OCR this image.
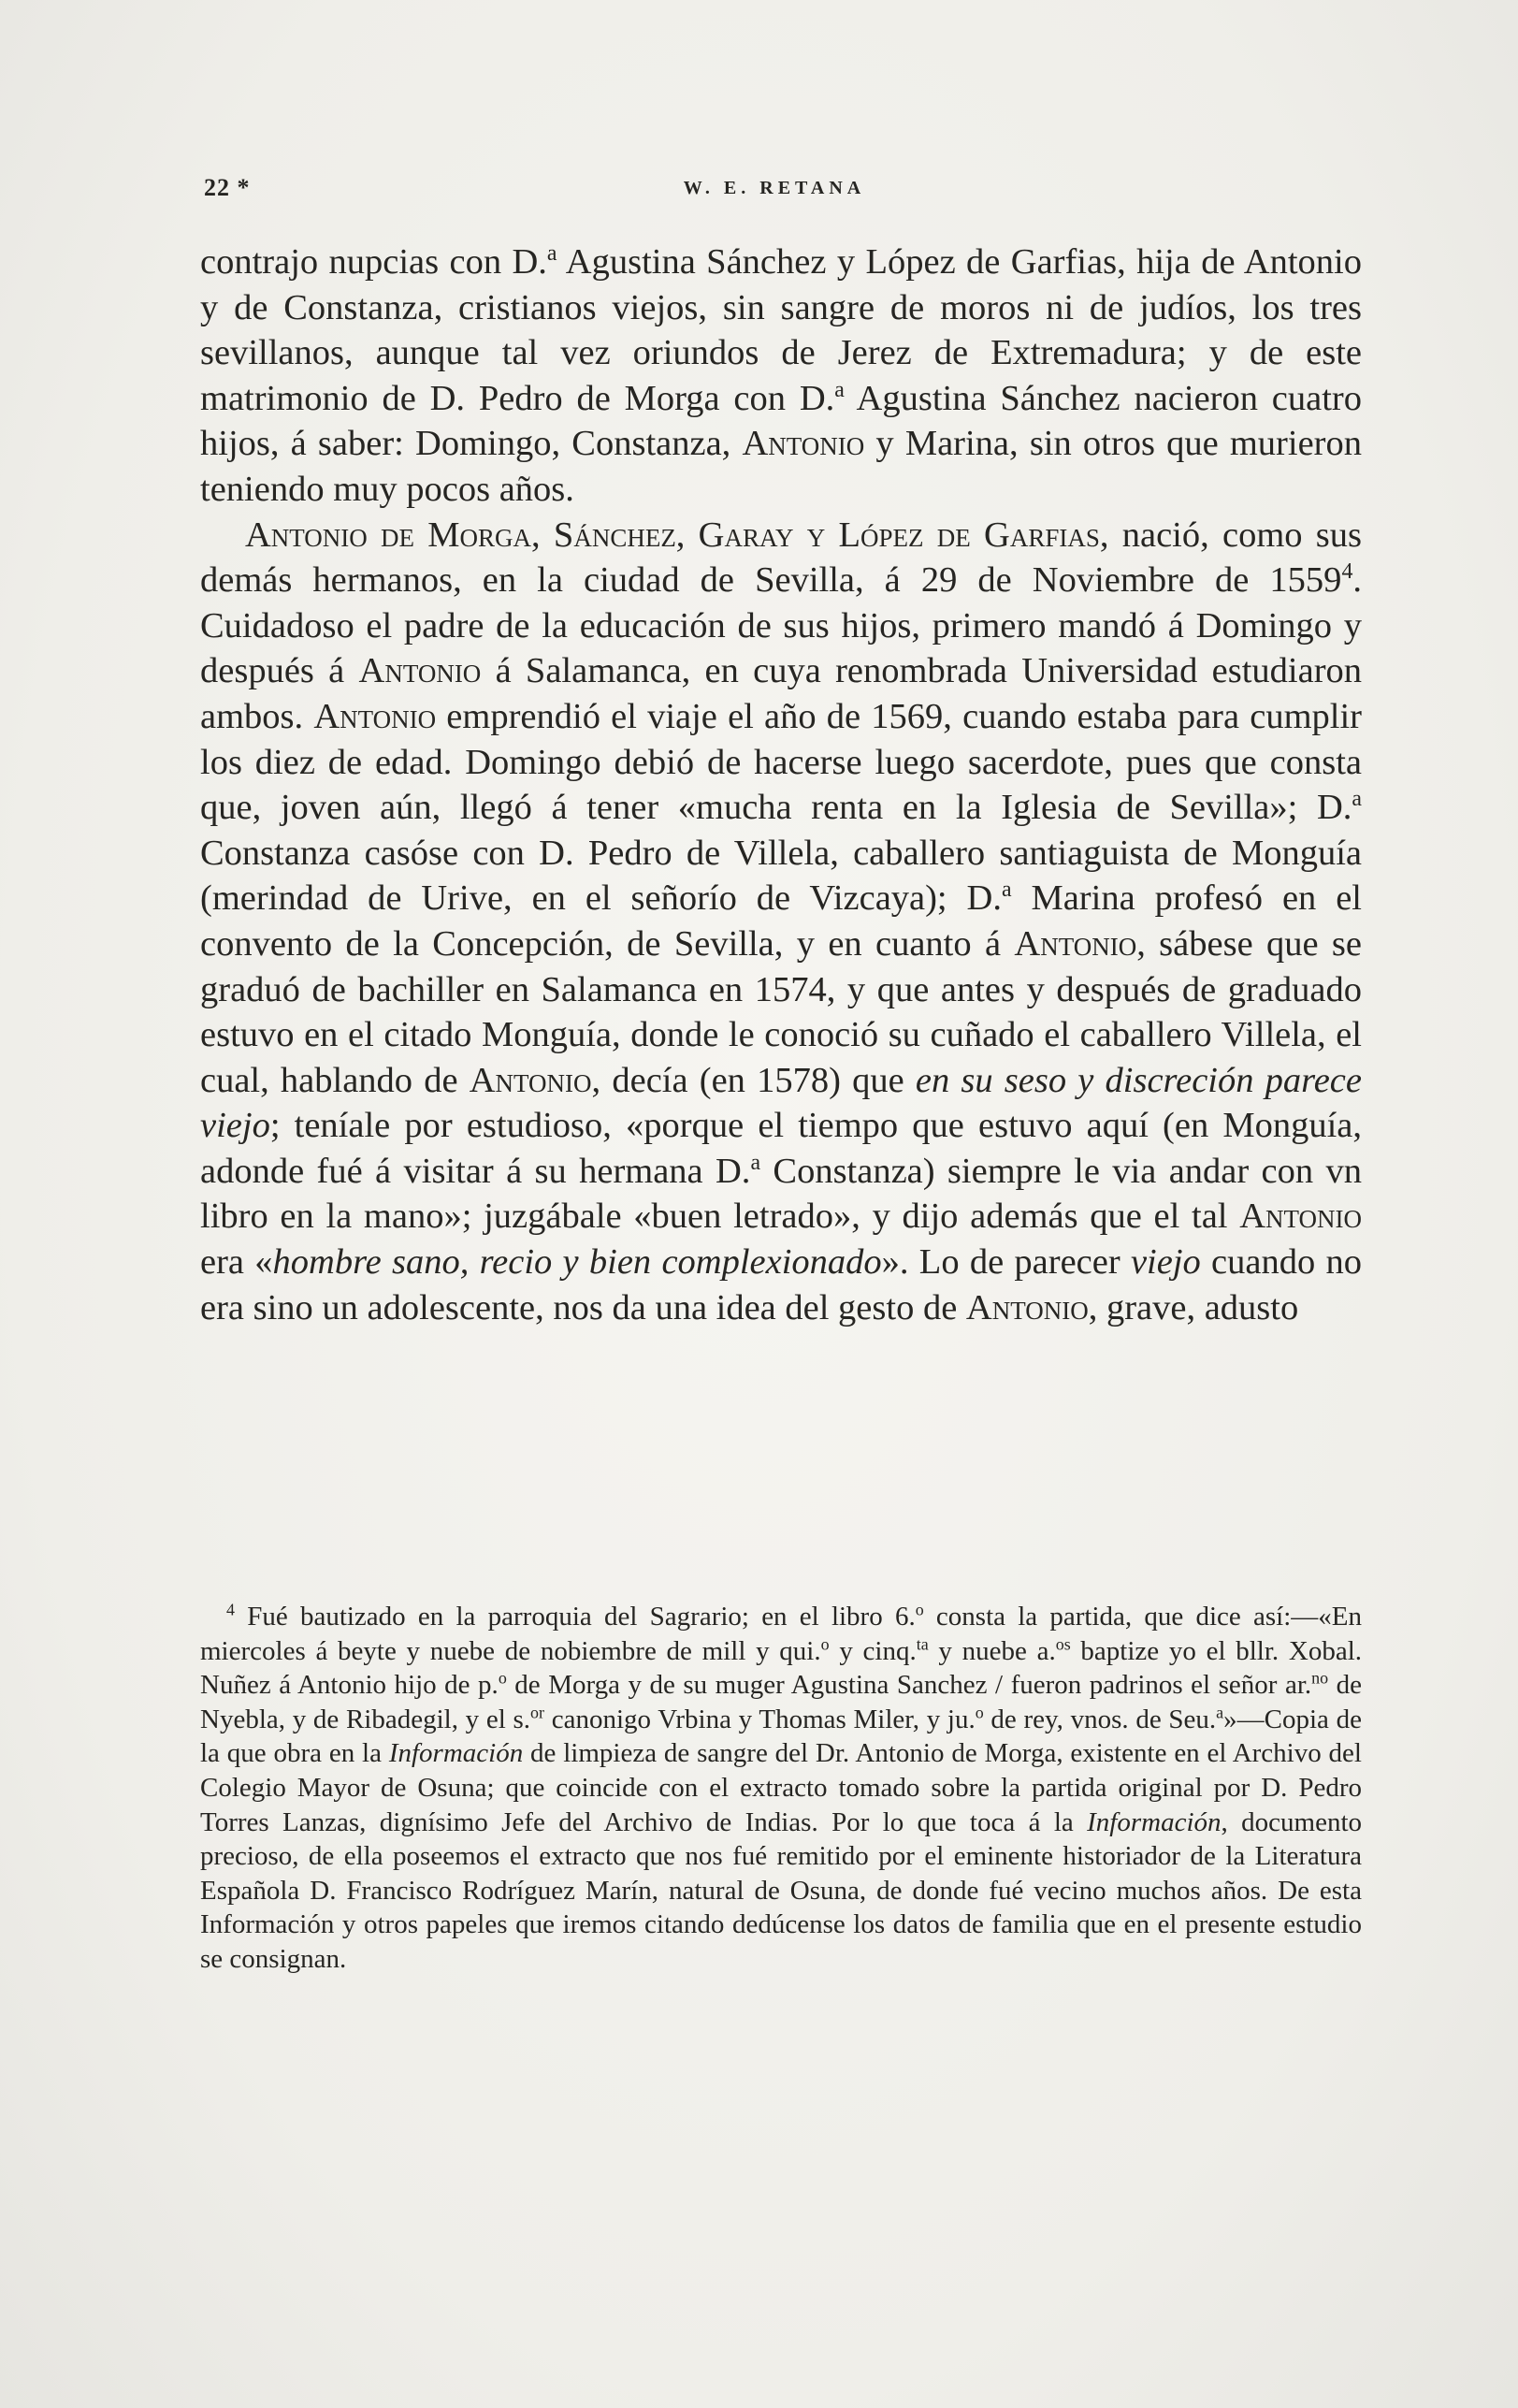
22 *	W. E. RETANA

contrajo nupcias con D.$^a$ Agustina Sánchez y López de Garfias, hija de Antonio y de Constanza, cristianos viejos, sin sangre de moros ni de judíos, los tres sevillanos, aunque tal vez oriundos de Jerez de Extremadura; y de este matrimonio de D. Pedro de Morga con D.$^a$ Agustina Sánchez nacieron cuatro hijos, á saber: Domingo, Constanza, Antonio y Marina, sin otros que murieron teniendo muy pocos años.

Antonio de Morga, Sánchez, Garay y López de Garfias, nació, como sus demás hermanos, en la ciudad de Sevilla, á 29 de Noviembre de 1559$^4$. Cuidadoso el padre de la educación de sus hijos, primero mandó á Domingo y después á Antonio á Salamanca, en cuya renombrada Universidad estudiaron ambos. Antonio emprendió el viaje el año de 1569, cuando estaba para cumplir los diez de edad. Domingo debió de hacerse luego sacerdote, pues que consta que, joven aún, llegó á tener «mucha renta en la Iglesia de Sevilla»; D.$^a$ Constanza casóse con D. Pedro de Villela, caballero santiaguista de Monguía (merindad de Urive, en el señorío de Vizcaya); D.$^a$ Marina profesó en el convento de la Concepción, de Sevilla, y en cuanto á Antonio, sábese que se graduó de bachiller en Salamanca en 1574, y que antes y después de graduado estuvo en el citado Monguía, donde le conoció su cuñado el caballero Villela, el cual, hablando de Antonio, decía (en 1578) que en su seso y discreción parece viejo; teníale por estudioso, «porque el tiempo que estuvo aquí (en Monguía, adonde fué á visitar á su hermana D.$^a$ Constanza) siempre le via andar con vn libro en la mano»; juzgábale «buen letrado», y dijo además que el tal Antonio era «hombre sano, recio y bien complexionado». Lo de parecer viejo cuando no era sino un adolescente, nos da una idea del gesto de Antonio, grave, adusto

$^4$ Fué bautizado en la parroquia del Sagrario; en el libro 6.$^o$ consta la partida, que dice así:—«En miercoles á beyte y nuebe de nobiembre de mill y qui.$^o$ y cinq.$^{ta}$ y nuebe a.$^{os}$ baptize yo el bllr. Xobal. Nuñez á Antonio hijo de p.$^o$ de Morga y de su muger Agustina Sanchez / fueron padrinos el señor ar.$^{no}$ de Nyebla, y de Ribadegil, y el s.$^{or}$ canonigo Vrbina y Thomas Miler, y ju.$^o$ de rey, vnos. de Seu.$^a$»—Copia de la que obra en la Información de limpieza de sangre del Dr. Antonio de Morga, existente en el Archivo del Colegio Mayor de Osuna; que coincide con el extracto tomado sobre la partida original por D. Pedro Torres Lanzas, dignísimo Jefe del Archivo de Indias. Por lo que toca á la Información, documento precioso, de ella poseemos el extracto que nos fué remitido por el eminente historiador de la Literatura Española D. Francisco Rodríguez Marín, natural de Osuna, de donde fué vecino muchos años. De esta Información y otros papeles que iremos citando dedúcense los datos de familia que en el presente estudio se consignan.
